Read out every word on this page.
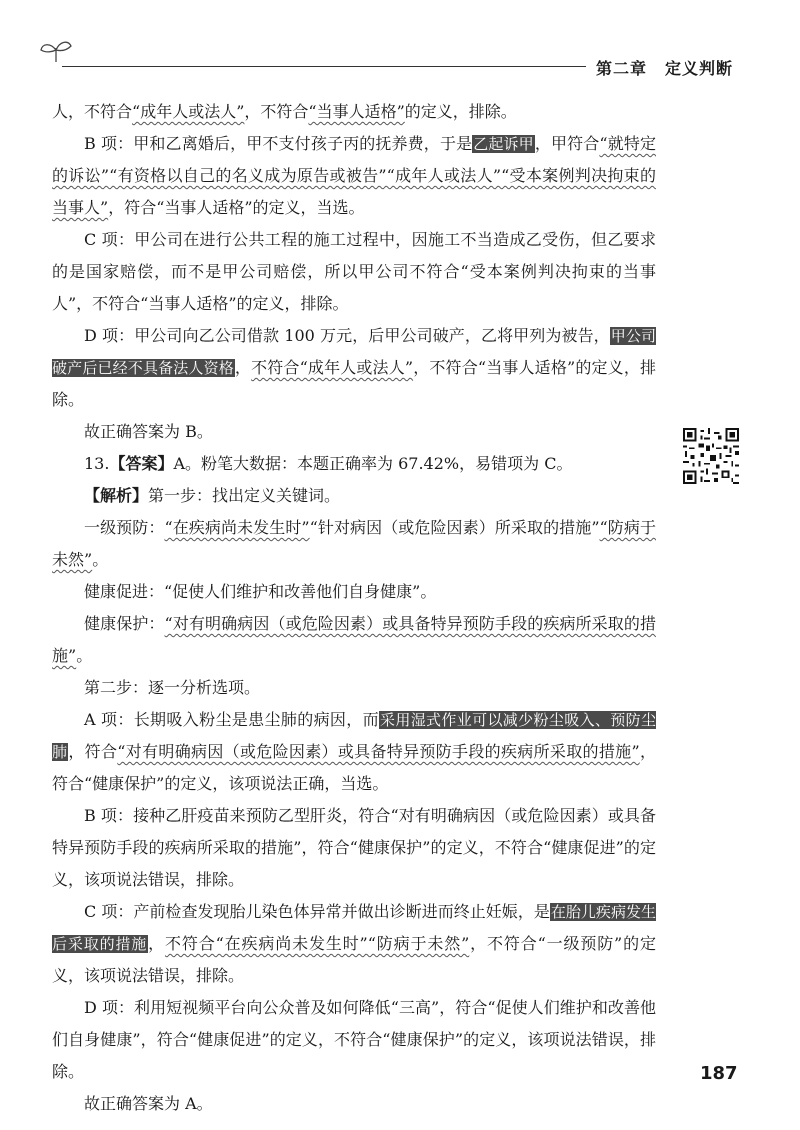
第二章 定义判断

人，不符合“成年人或法人”，不符合“当事人适格”的定义，排除。

B 项：甲和乙离婚后，甲不支付孩子丙的抚养费，于是乙起诉甲，甲符合“就特定的诉讼”“有资格以自己的名义成为原告或被告”“成年人或法人”“受本案例判决拘束的当事人”，符合“当事人适格”的定义，当选。

C 项：甲公司在进行公共工程的施工过程中，因施工不当造成乙受伤，但乙要求的是国家赔偿，而不是甲公司赔偿，所以甲公司不符合“受本案例判决拘束的当事人”，不符合“当事人适格”的定义，排除。

D 项：甲公司向乙公司借款 100 万元，后甲公司破产，乙将甲列为被告，甲公司破产后已经不具备法人资格，不符合“成年人或法人”，不符合“当事人适格”的定义，排除。

故正确答案为 B。

13.【答案】A。粉笔大数据：本题正确率为 67.42%，易错项为 C。

【解析】第一步：找出定义关键词。

一级预防：“在疾病尚未发生时”“针对病因（或危险因素）所采取的措施”“防病于未然”。

健康促进：“促使人们维护和改善他们自身健康”。

健康保护：“对有明确病因（或危险因素）或具备特异预防手段的疾病所采取的措施”。

第二步：逐一分析选项。

A 项：长期吸入粉尘是患尘肺的病因，而采用湿式作业可以减少粉尘吸入、预防尘肺，符合“对有明确病因（或危险因素）或具备特异预防手段的疾病所采取的措施”，符合“健康保护”的定义，该项说法正确，当选。

B 项：接种乙肝疫苗来预防乙型肝炎，符合“对有明确病因（或危险因素）或具备特异预防手段的疾病所采取的措施”，符合“健康保护”的定义，不符合“健康促进”的定义，该项说法错误，排除。

C 项：产前检查发现胎儿染色体异常并做出诊断进而终止妊娠，是在胎儿疾病发生后采取的措施，不符合“在疾病尚未发生时”“防病于未然”，不符合“一级预防”的定义，该项说法错误，排除。

D 项：利用短视频平台向公众普及如何降低“三高”，符合“促使人们维护和改善他们自身健康”，符合“健康促进”的定义，不符合“健康保护”的定义，该项说法错误，排除。

故正确答案为 A。

187
